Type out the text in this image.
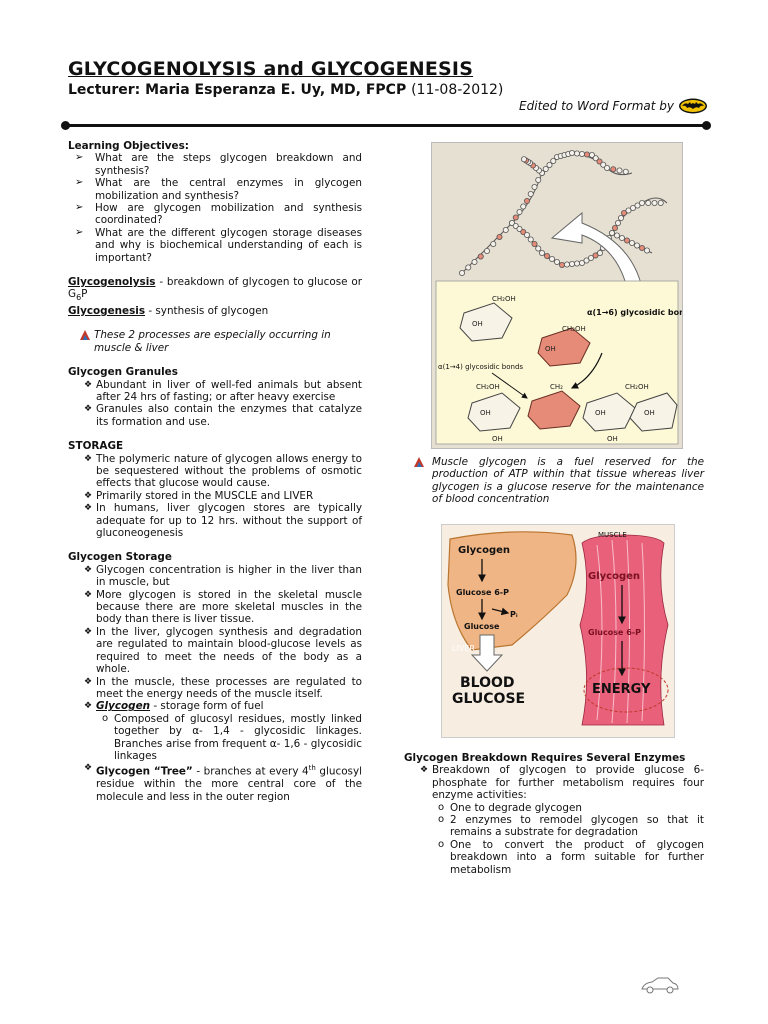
GLYCOGENOLYSIS and GLYCOGENESIS
Lecturer: Maria Esperanza E. Uy, MD, FPCP (11-08-2012)
Edited to Word Format by
Learning Objectives:
➢ What are the steps glycogen breakdown and synthesis?
➢ What are the central enzymes in glycogen mobilization and synthesis?
➢ How are glycogen mobilization and synthesis coordinated?
➢ What are the different glycogen storage diseases and why is biochemical understanding of each is important?
Glycogenolysis - breakdown of glycogen to glucose or $G_6P$
Glycogenesis - synthesis of glycogen
These 2 processes are especially occurring in muscle & liver
Glycogen Granules
❖ Abundant in liver of well-fed animals but absent after 24 hrs of fasting; or after heavy exercise
❖ Granules also contain the enzymes that catalyze its formation and use.
STORAGE
❖ The polymeric nature of glycogen allows energy to be sequestered without the problems of osmotic effects that glucose would cause.
❖ Primarily stored in the MUSCLE and LIVER
❖ In humans, liver glycogen stores are typically adequate for up to 12 hrs. without the support of gluconeogenesis
Glycogen Storage
❖ Glycogen concentration is higher in the liver than in muscle, but
❖ More glycogen is stored in the skeletal muscle because there are more skeletal muscles in the body than there is liver tissue.
❖ In the liver, glycogen synthesis and degradation are regulated to maintain blood-glucose levels as required to meet the needs of the body as a whole.
❖ In the muscle, these processes are regulated to meet the energy needs of the muscle itself.
❖ Glycogen - storage form of fuel
o Composed of glucosyl residues, mostly linked together by α- 1,4 - glycosidic linkages. Branches arise from frequent α- 1,6 - glycosidic linkages
❖ Glycogen “Tree” - branches at every 4th glucosyl residue within the more central core of the molecule and less in the outer region
OH
CH₂OH
CH₂OH
OH
CH₂OH	CH₂	CH₂OH
OH	OH	OH
OH	OH
α(1→6) glycosidic bond
α(1→4) glycosidic bonds
Muscle glycogen is a fuel reserved for the production of ATP within that tissue whereas liver glycogen is a glucose reserve for the maintenance of blood concentration
Glycogen
Glucose 6-P
Pᵢ
Glucose
LIVER
BLOOD
GLUCOSE
MUSCLE
Glycogen
Glucose 6-P
ENERGY
Glycogen Breakdown Requires Several Enzymes
❖ Breakdown of glycogen to provide glucose 6-phosphate for further metabolism requires four enzyme activities:
o One to degrade glycogen
o 2 enzymes to remodel glycogen so that it remains a substrate for degradation
o One to convert the product of glycogen breakdown into a form suitable for further metabolism
